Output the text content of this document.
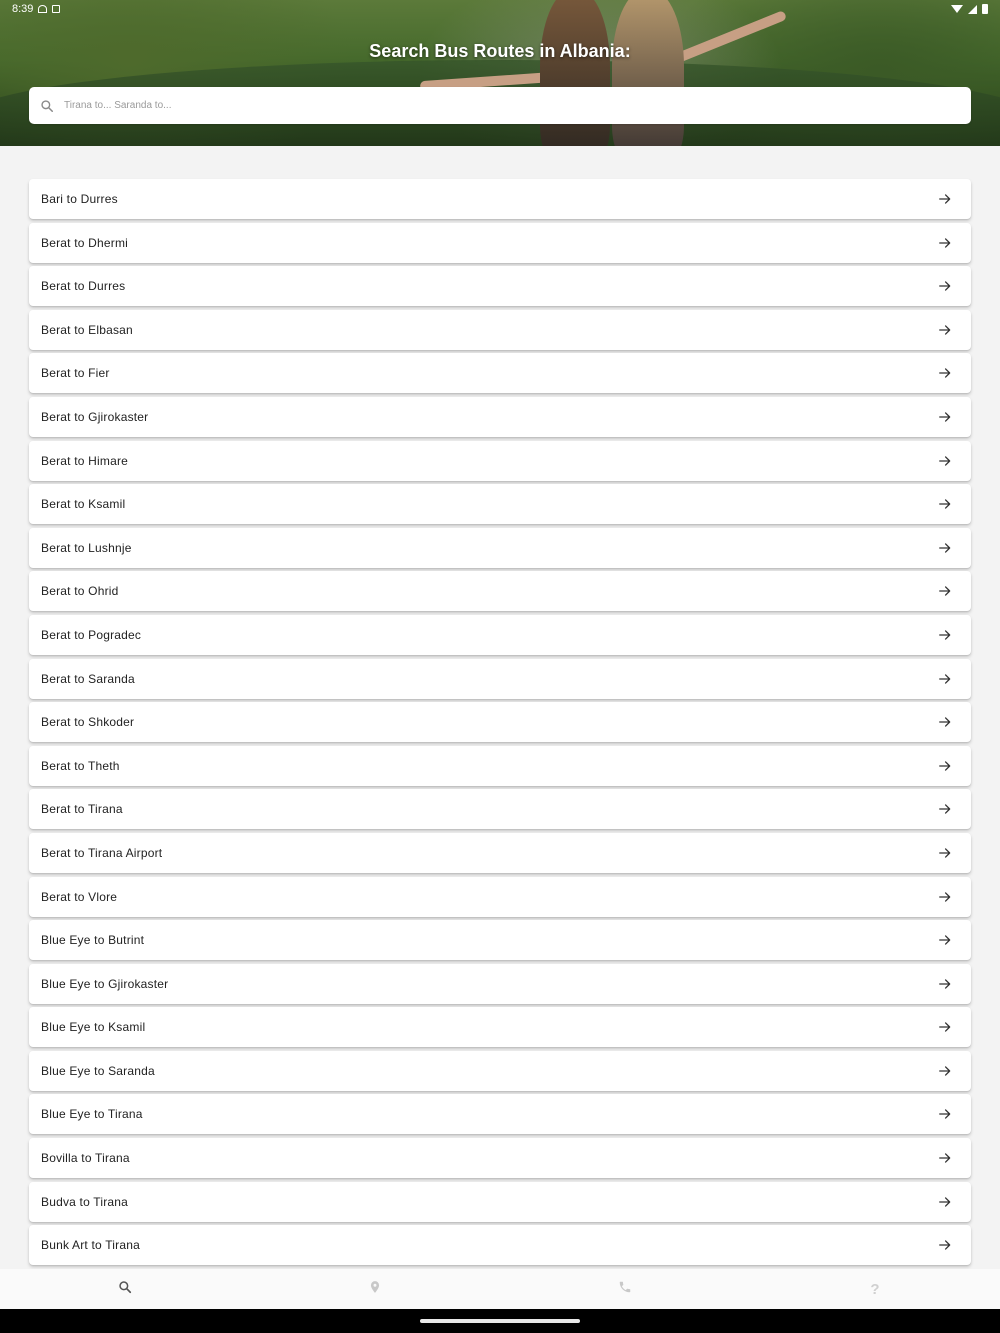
8:39
Search Bus Routes in Albania:
Tirana to... Saranda to...
Bari to Durres
Berat to Dhermi
Berat to Durres
Berat to Elbasan
Berat to Fier
Berat to Gjirokaster
Berat to Himare
Berat to Ksamil
Berat to Lushnje
Berat to Ohrid
Berat to Pogradec
Berat to Saranda
Berat to Shkoder
Berat to Theth
Berat to Tirana
Berat to Tirana Airport
Berat to Vlore
Blue Eye to Butrint
Blue Eye to Gjirokaster
Blue Eye to Ksamil
Blue Eye to Saranda
Blue Eye to Tirana
Bovilla to Tirana
Budva to Tirana
Bunk Art to Tirana
?
